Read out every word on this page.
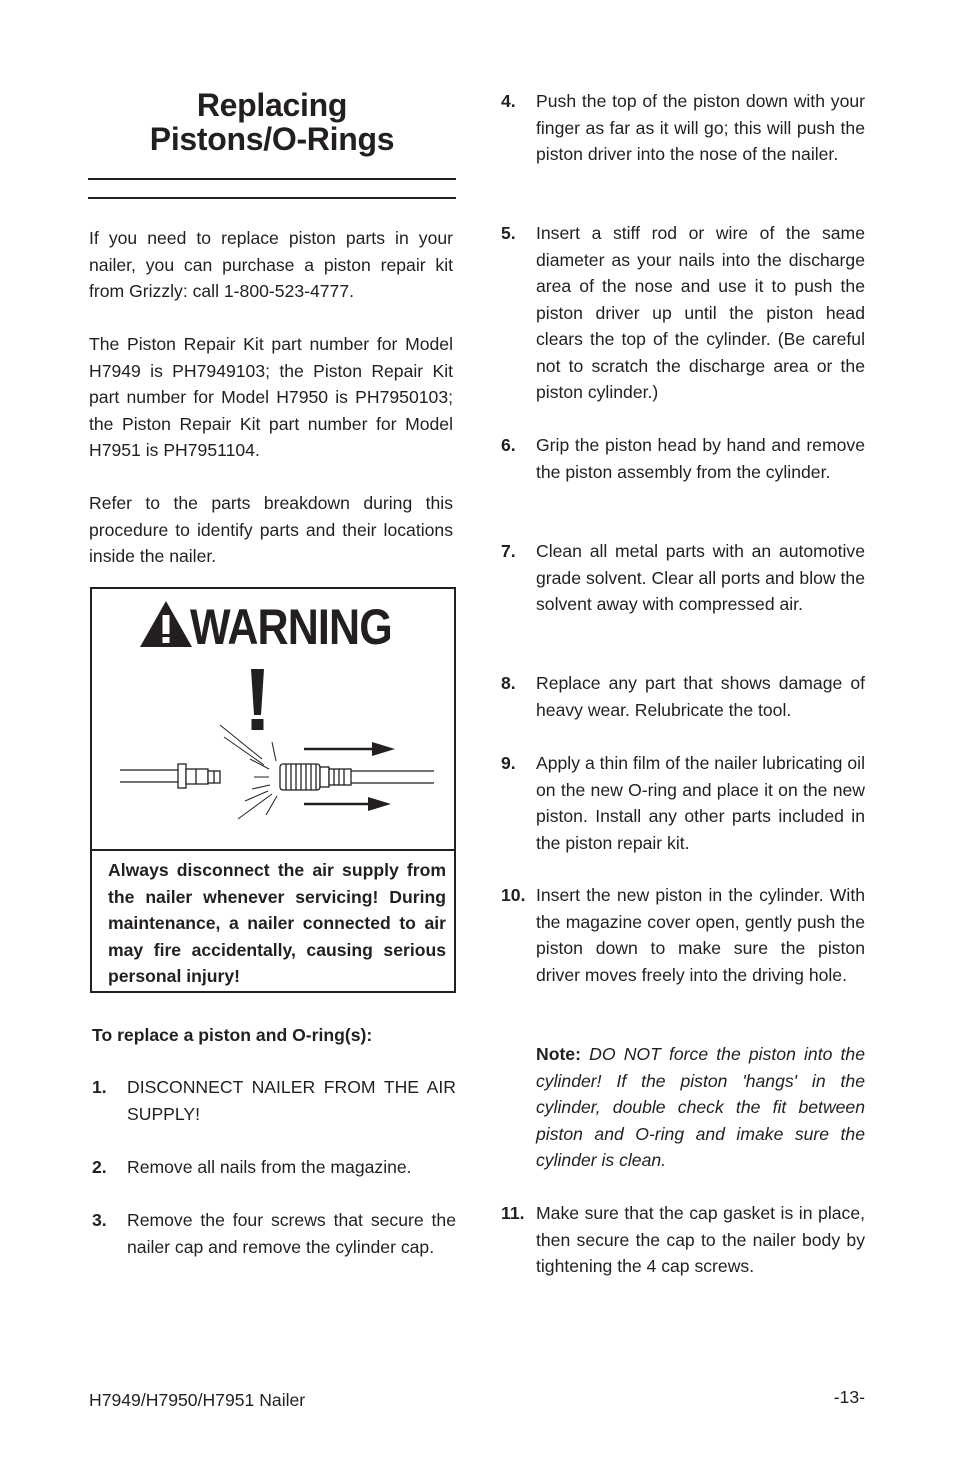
Replacing
Pistons/O-Rings

If you need to replace piston parts in your nailer, you can purchase a piston repair kit from Grizzly: call 1-800-523-4777.

The Piston Repair Kit part number for Model H7949 is PH7949103; the Piston Repair Kit part number for Model H7950 is PH7950103; the Piston Repair Kit part number for Model H7951 is PH7951104.

Refer to the parts breakdown during this procedure to identify parts and their locations inside the nailer.

WARNING

Always disconnect the air supply from the nailer whenever servicing! During maintenance, a nailer connected to air may fire accidentally, causing serious personal injury!

To replace a piston and O-ring(s):

1. DISCONNECT NAILER FROM THE AIR SUPPLY!
2. Remove all nails from the magazine.
3. Remove the four screws that secure the nailer cap and remove the cylinder cap.
4. Push the top of the piston down with your finger as far as it will go; this will push the piston driver into the nose of the nailer.
5. Insert a stiff rod or wire of the same diameter as your nails into the discharge area of the nose and use it to push the piston driver up until the piston head clears the top of the cylinder. (Be careful not to scratch the discharge area or the piston cylinder.)
6. Grip the piston head by hand and remove the piston assembly from the cylinder.
7. Clean all metal parts with an automotive grade solvent. Clear all ports and blow the solvent away with compressed air.
8. Replace any part that shows damage of heavy wear. Relubricate the tool.
9. Apply a thin film of the nailer lubricating oil on the new O-ring and place it on the new piston. Install any other parts included in the piston repair kit.
10. Insert the new piston in the cylinder. With the magazine cover open, gently push the piston down to make sure the piston driver moves freely into the driving hole.

Note: DO NOT force the piston into the cylinder! If the piston 'hangs' in the cylinder, double check the fit between piston and O-ring and imake sure the cylinder is clean.

11. Make sure that the cap gasket is in place, then secure the cap to the nailer body by tightening the 4 cap screws.
H7949/H7950/H7951 Nailer	-13-
